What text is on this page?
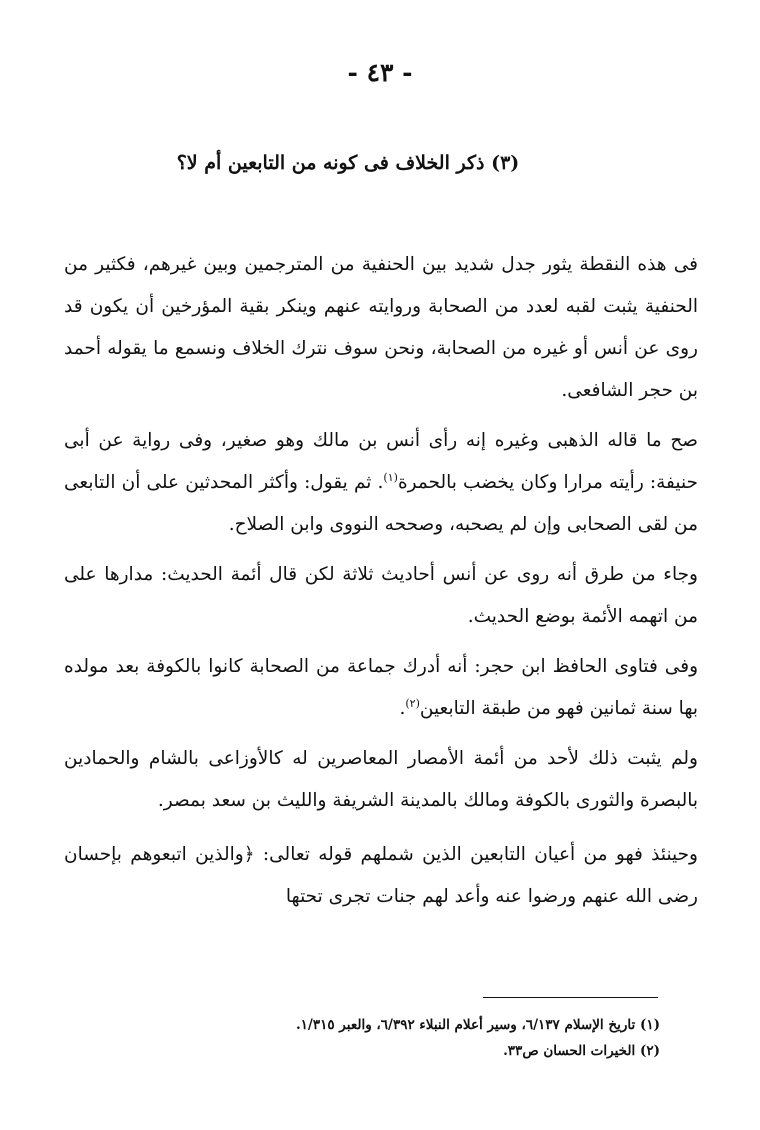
- ٤٣ -
(٣) ذكر الخلاف فى كونه من التابعين أم لا؟

فى هذه النقطة يثور جدل شديد بين الحنفية من المترجمين وبين غيرهم، فكثير من الحنفية يثبت لقبه لعدد من الصحابة وروايته عنهم وينكر بقية المؤرخين أن يكون قد روى عن أنس أو غيره من الصحابة، ونحن سوف نترك الخلاف ونسمع ما يقوله أحمد بن حجر الشافعى.

صح ما قاله الذهبى وغيره إنه رأى أنس بن مالك وهو صغير، وفى رواية عن أبى حنيفة: رأيته مرارا وكان يخضب بالحمرة$^{(١)}$. ثم يقول: وأكثر المحدثين على أن التابعى من لقى الصحابى وإن لم يصحبه، وصححه النووى وابن الصلاح.

وجاء من طرق أنه روى عن أنس أحاديث ثلاثة لكن قال أئمة الحديث: مدارها على من اتهمه الأئمة بوضع الحديث.

وفى فتاوى الحافظ ابن حجر: أنه أدرك جماعة من الصحابة كانوا بالكوفة بعد مولده بها سنة ثمانين فهو من طبقة التابعين$^{(٢)}$.

ولم يثبت ذلك لأحد من أئمة الأمصار المعاصرين له كالأوزاعى بالشام والحمادين بالبصرة والثورى بالكوفة ومالك بالمدينة الشريفة والليث بن سعد بمصر.

وحينئذ فهو من أعيان التابعين الذين شملهم قوله تعالى: ﴿والذين اتبعوهم بإحسان رضى الله عنهم ورضوا عنه وأعد لهم جنات تجرى تحتها

(١) تاريخ الإسلام ٦/١٣٧، وسير أعلام النبلاء ٦/٣٩٢، والعبر ١/٣١٥.

(٢) الخيرات الحسان ص٣٣.
